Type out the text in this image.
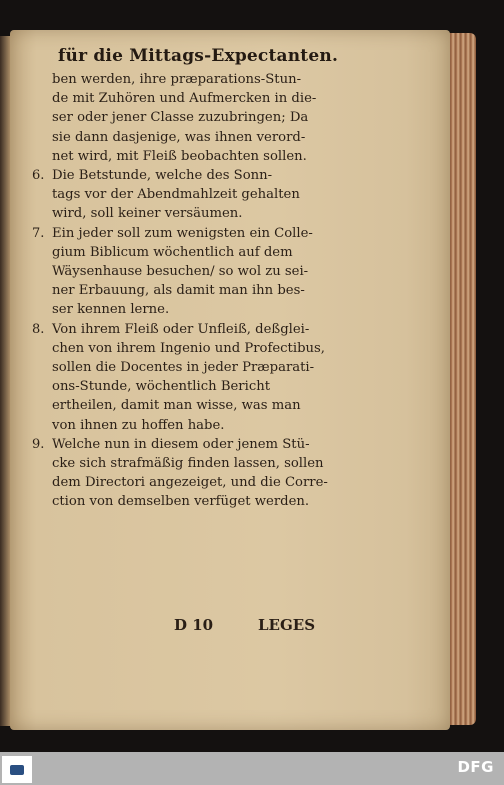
für die Mittags-Expectanten.
ben werden, ihre præparations-Stun-
de mit Zuhören und Aufmercken in die-
ser oder jener Classe zuzubringen; Da
sie dann dasjenige, was ihnen verord-
net wird, mit Fleiß beobachten sollen.
6. Die Betstunde, welche des Sonn-
tags vor der Abendmahlzeit gehalten
wird, soll keiner versäumen.
7. Ein jeder soll zum wenigsten ein Colle-
gium Biblicum wöchentlich auf dem
Wäysenhause besuchen/ so wol zu sei-
ner Erbauung, als damit man ihn bes-
ser kennen lerne.
8. Von ihrem Fleiß oder Unfleiß, deßglei-
chen von ihrem Ingenio und Profectibus,
sollen die Docentes in jeder Præparati-
ons-Stunde, wöchentlich Bericht
ertheilen, damit man wisse, was man
von ihnen zu hoffen habe.
9. Welche nun in diesem oder jenem Stü-
cke sich strafmäßig finden lassen, sollen
dem Directori angezeiget, und die Corre-
ction von demselben verfüget werden.
D 10	LEGES
DFG
